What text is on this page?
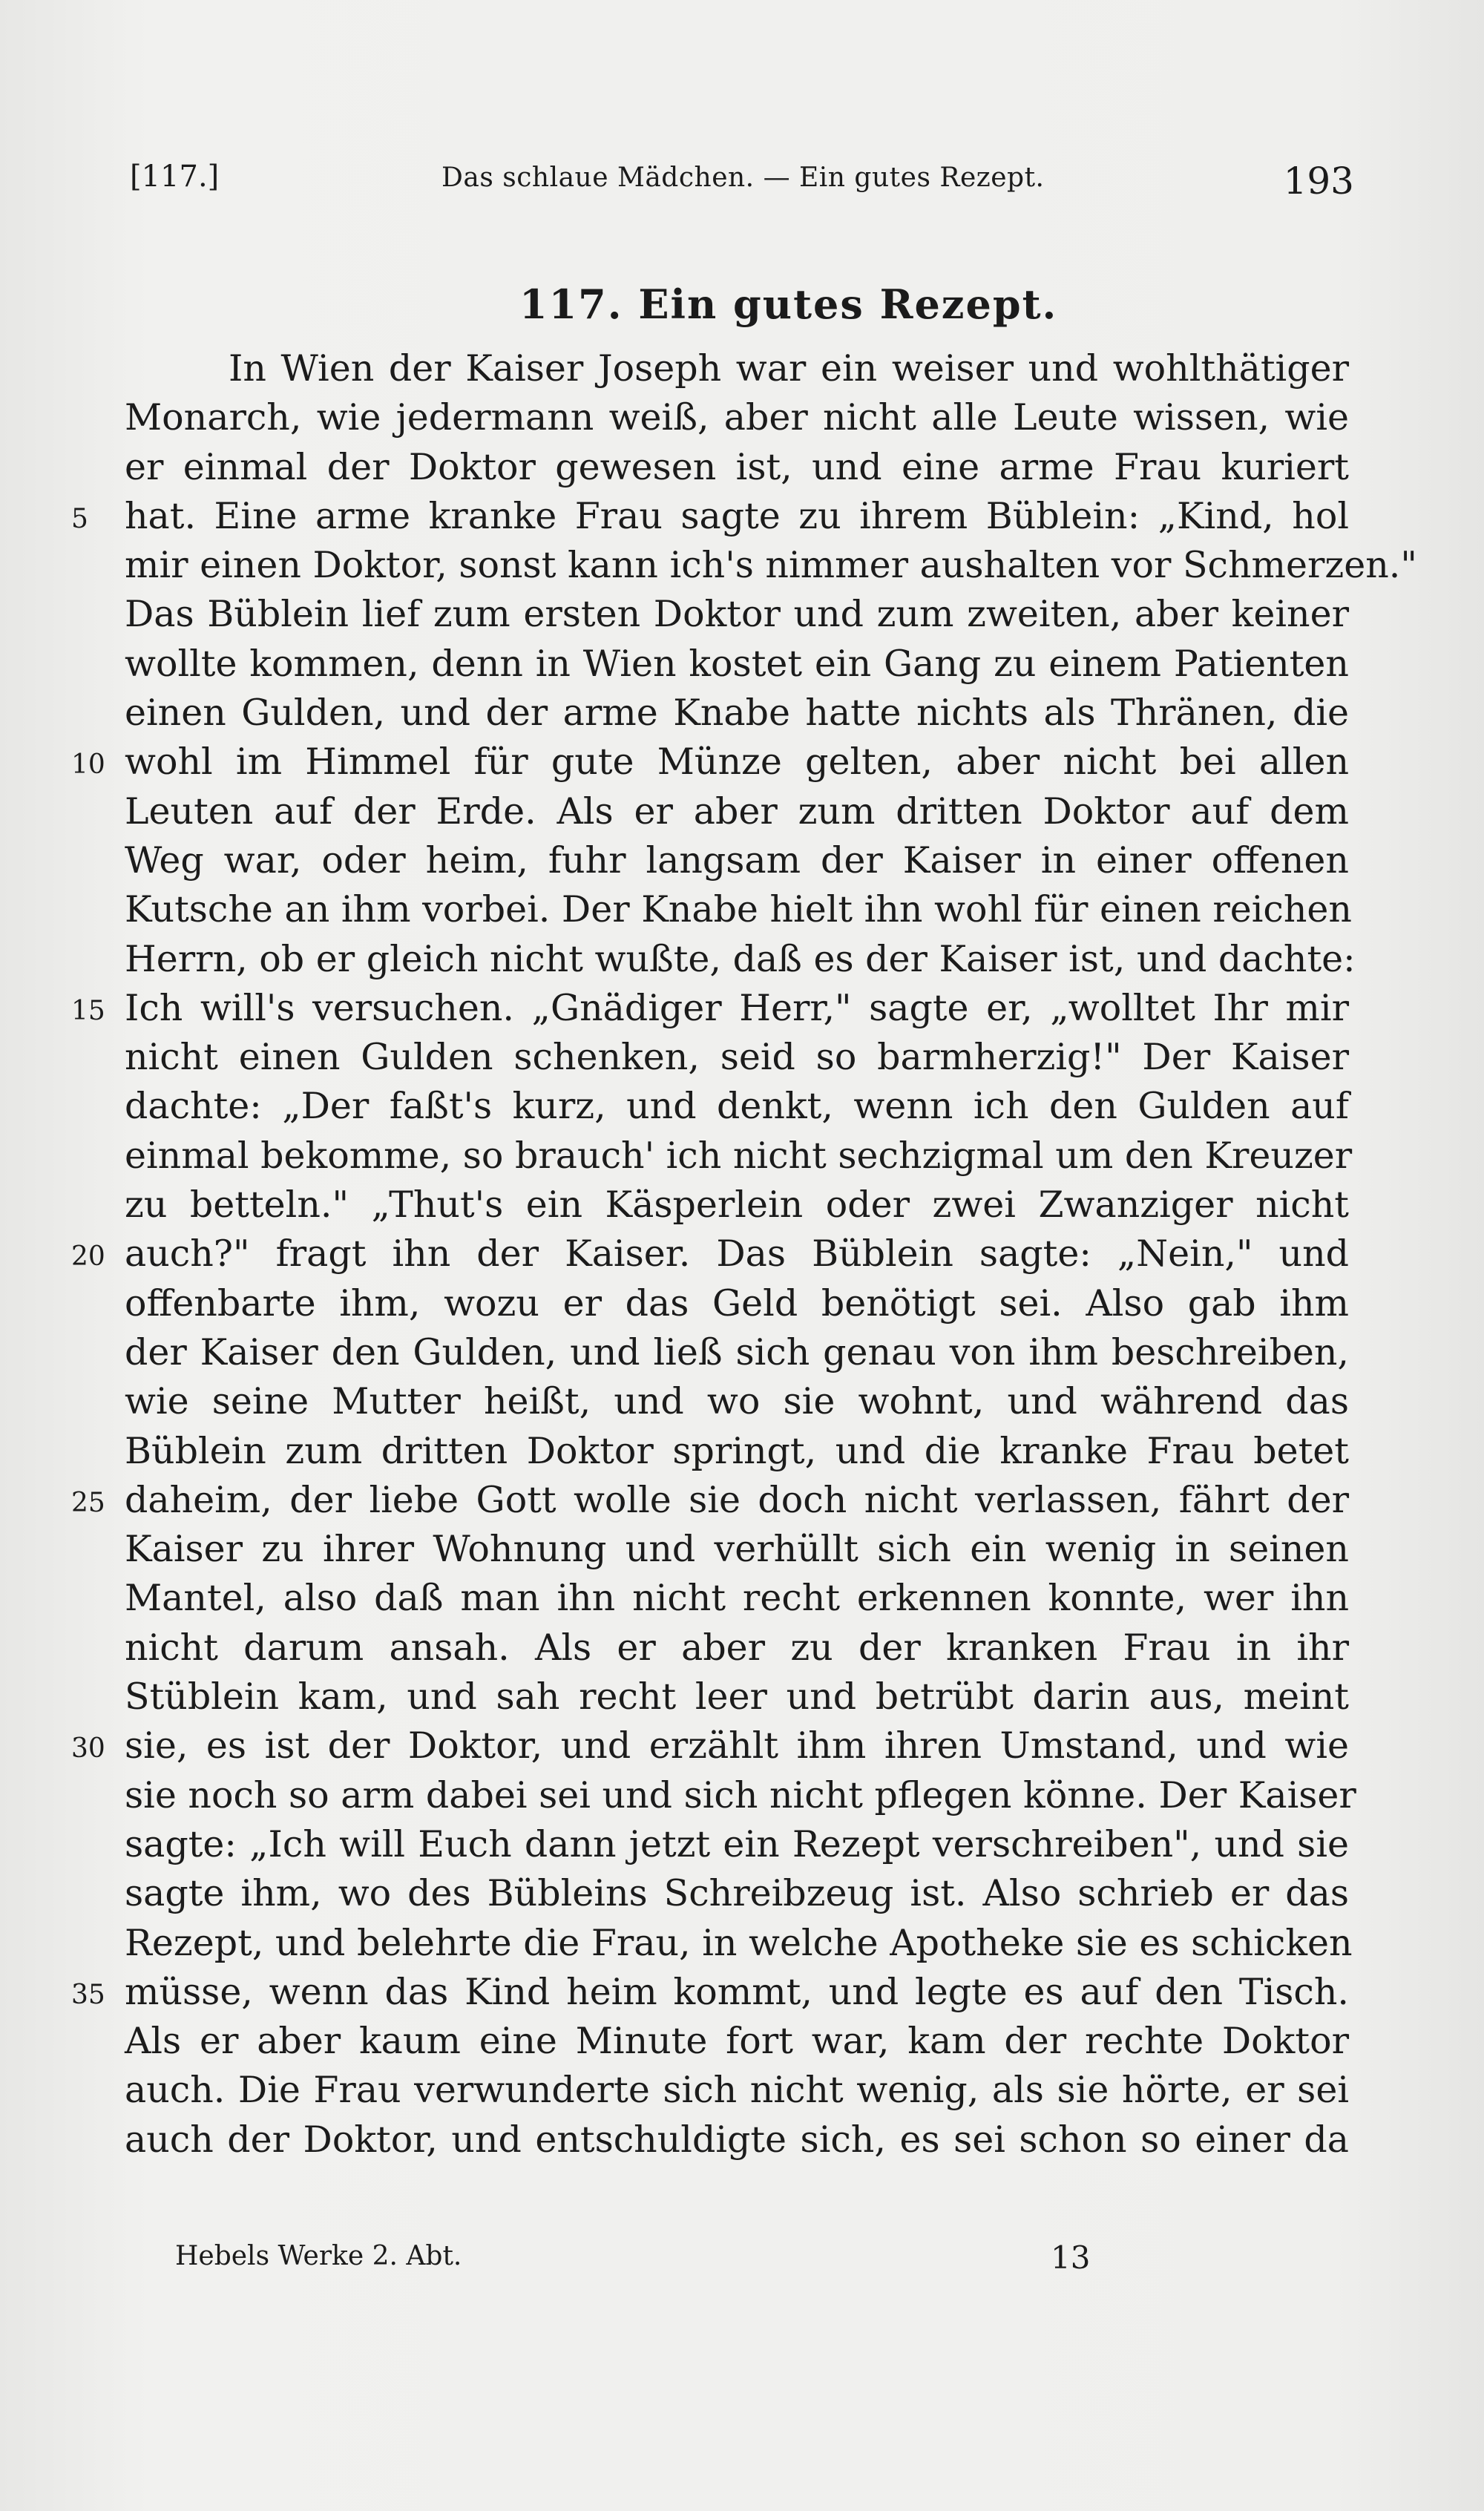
[117.]	Das schlaue Mädchen. — Ein gutes Rezept.	193
117. Ein gutes Rezept.
In Wien der Kaiser Joseph war ein weiser und wohlthätiger
Monarch, wie jedermann weiß, aber nicht alle Leute wissen, wie
er einmal der Doktor gewesen ist, und eine arme Frau kuriert
hat. Eine arme kranke Frau sagte zu ihrem Büblein: „Kind, hol
5
mir einen Doktor, sonst kann ich's nimmer aushalten vor Schmerzen."
Das Büblein lief zum ersten Doktor und zum zweiten, aber keiner
wollte kommen, denn in Wien kostet ein Gang zu einem Patienten
einen Gulden, und der arme Knabe hatte nichts als Thränen, die
wohl im Himmel für gute Münze gelten, aber nicht bei allen
10
Leuten auf der Erde. Als er aber zum dritten Doktor auf dem
Weg war, oder heim, fuhr langsam der Kaiser in einer offenen
Kutsche an ihm vorbei. Der Knabe hielt ihn wohl für einen reichen
Herrn, ob er gleich nicht wußte, daß es der Kaiser ist, und dachte:
Ich will's versuchen. „Gnädiger Herr," sagte er, „wolltet Ihr mir
15
nicht einen Gulden schenken, seid so barmherzig!" Der Kaiser
dachte: „Der faßt's kurz, und denkt, wenn ich den Gulden auf
einmal bekomme, so brauch' ich nicht sechzigmal um den Kreuzer
zu betteln." „Thut's ein Käsperlein oder zwei Zwanziger nicht
auch?" fragt ihn der Kaiser. Das Büblein sagte: „Nein," und
20
offenbarte ihm, wozu er das Geld benötigt sei. Also gab ihm
der Kaiser den Gulden, und ließ sich genau von ihm beschreiben,
wie seine Mutter heißt, und wo sie wohnt, und während das
Büblein zum dritten Doktor springt, und die kranke Frau betet
daheim, der liebe Gott wolle sie doch nicht verlassen, fährt der
25
Kaiser zu ihrer Wohnung und verhüllt sich ein wenig in seinen
Mantel, also daß man ihn nicht recht erkennen konnte, wer ihn
nicht darum ansah. Als er aber zu der kranken Frau in ihr
Stüblein kam, und sah recht leer und betrübt darin aus, meint
sie, es ist der Doktor, und erzählt ihm ihren Umstand, und wie
30
sie noch so arm dabei sei und sich nicht pflegen könne. Der Kaiser
sagte: „Ich will Euch dann jetzt ein Rezept verschreiben", und sie
sagte ihm, wo des Bübleins Schreibzeug ist. Also schrieb er das
Rezept, und belehrte die Frau, in welche Apotheke sie es schicken
müsse, wenn das Kind heim kommt, und legte es auf den Tisch.
35
Als er aber kaum eine Minute fort war, kam der rechte Doktor
auch. Die Frau verwunderte sich nicht wenig, als sie hörte, er sei
auch der Doktor, und entschuldigte sich, es sei schon so einer da
Hebels Werke 2. Abt.	13
